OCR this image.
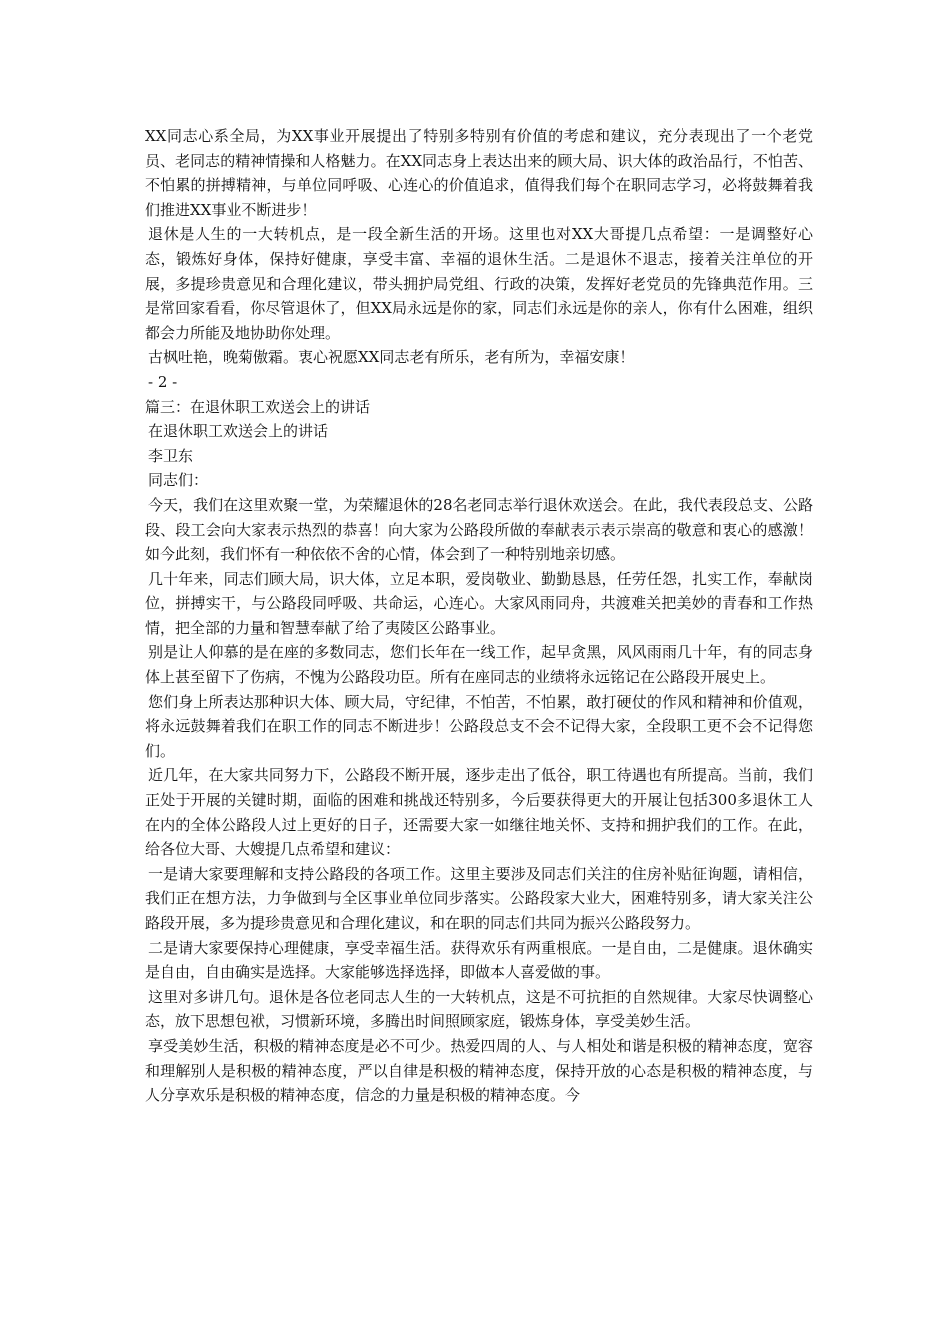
XX同志心系全局，为XX事业开展提出了特别多特别有价值的考虑和建议，充分表现出了一个老党员、老同志的精神情操和人格魅力。在XX同志身上表达出来的顾大局、识大体的政治品行，不怕苦、不怕累的拼搏精神，与单位同呼吸、心连心的价值追求，值得我们每个在职同志学习，必将鼓舞着我们推进XX事业不断进步！

退休是人生的一大转机点，是一段全新生活的开场。这里也对XX大哥提几点希望：一是调整好心态，锻炼好身体，保持好健康，享受丰富、幸福的退休生活。二是退休不退志，接着关注单位的开展，多提珍贵意见和合理化建议，带头拥护局党组、行政的决策，发挥好老党员的先锋典范作用。三是常回家看看，你尽管退休了，但XX局永远是你的家，同志们永远是你的亲人，你有什么困难，组织都会力所能及地协助你处理。

古枫吐艳，晚菊傲霜。衷心祝愿XX同志老有所乐，老有所为，幸福安康！

- 2 -

篇三：在退休职工欢送会上的讲话

在退休职工欢送会上的讲话

李卫东

同志们：

今天，我们在这里欢聚一堂，为荣耀退休的28名老同志举行退休欢送会。在此，我代表段总支、公路段、段工会向大家表示热烈的恭喜！向大家为公路段所做的奉献表示表示崇高的敬意和衷心的感激！ 如今此刻，我们怀有一种依依不舍的心情，体会到了一种特别地亲切感。

几十年来，同志们顾大局，识大体，立足本职，爱岗敬业、勤勤恳恳，任劳任怨，扎实工作，奉献岗位，拼搏实干，与公路段同呼吸、共命运，心连心。大家风雨同舟，共渡难关把美妙的青春和工作热情，把全部的力量和智慧奉献了给了夷陵区公路事业。

别是让人仰慕的是在座的多数同志，您们长年在一线工作，起早贪黑，风风雨雨几十年，有的同志身体上甚至留下了伤病，不愧为公路段功臣。所有在座同志的业绩将永远铭记在公路段开展史上。

您们身上所表达那种识大体、顾大局，守纪律，不怕苦，不怕累，敢打硬仗的作风和精神和价值观，将永远鼓舞着我们在职工作的同志不断进步！公路段总支不会不记得大家，全段职工更不会不记得您们。

近几年，在大家共同努力下，公路段不断开展，逐步走出了低谷，职工待遇也有所提高。当前，我们正处于开展的关键时期，面临的困难和挑战还特别多，今后要获得更大的开展让包括300多退休工人在内的全体公路段人过上更好的日子，还需要大家一如继往地关怀、支持和拥护我们的工作。在此，给各位大哥、大嫂提几点希望和建议：

一是请大家要理解和支持公路段的各项工作。这里主要涉及同志们关注的住房补贴征询题，请相信，我们正在想方法，力争做到与全区事业单位同步落实。公路段家大业大，困难特别多，请大家关注公路段开展，多为提珍贵意见和合理化建议，和在职的同志们共同为振兴公路段努力。

二是请大家要保持心理健康，享受幸福生活。获得欢乐有两重根底。一是自由，二是健康。退休确实是自由，自由确实是选择。大家能够选择选择，即做本人喜爱做的事。

这里对多讲几句。退休是各位老同志人生的一大转机点，这是不可抗拒的自然规律。大家尽快调整心态，放下思想包袱，习惯新环境，多腾出时间照顾家庭，锻炼身体，享受美妙生活。

享受美妙生活，积极的精神态度是必不可少。热爱四周的人、与人相处和谐是积极的精神态度，宽容和理解别人是积极的精神态度，严以自律是积极的精神态度，保持开放的心态是积极的精神态度，与人分享欢乐是积极的精神态度，信念的力量是积极的精神态度。今
